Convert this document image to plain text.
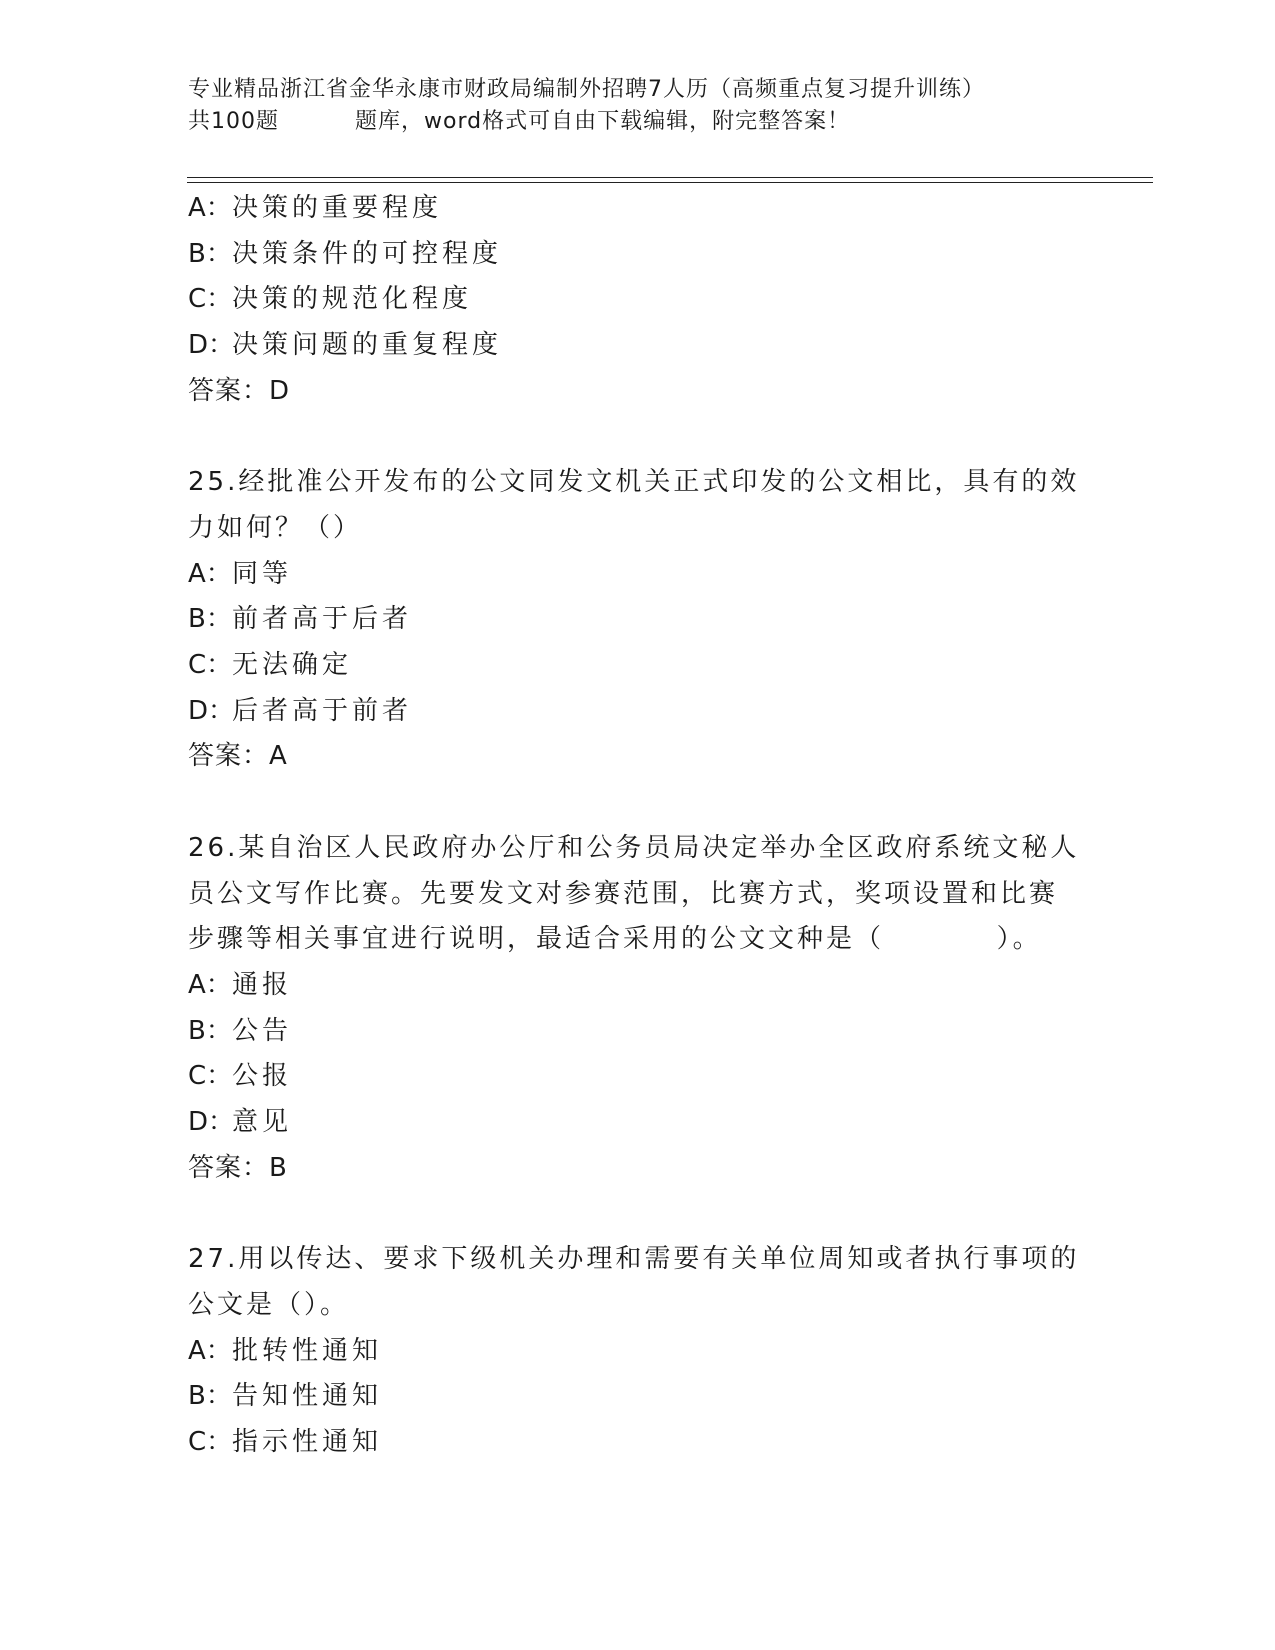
专业精品浙江省金华永康市财政局编制外招聘7人历（高频重点复习提升训练）
共100题	题库，word格式可自由下载编辑，附完整答案！
A：决策的重要程度
B：决策条件的可控程度
C：决策的规范化程度
D：决策问题的重复程度
答案：D
25.经批准公开发布的公文同发文机关正式印发的公文相比，具有的效
力如何？（）
A：同等
B：前者高于后者
C：无法确定
D：后者高于前者
答案：A
26.某自治区人民政府办公厅和公务员局决定举办全区政府系统文秘人
员公文写作比赛。先要发文对参赛范围，比赛方式，奖项设置和比赛
步骤等相关事宜进行说明，最适合采用的公文文种是（          ）。
A：通报
B：公告
C：公报
D：意见
答案：B
27.用以传达、要求下级机关办理和需要有关单位周知或者执行事项的
公文是（）。
A：批转性通知
B：告知性通知
C：指示性通知
